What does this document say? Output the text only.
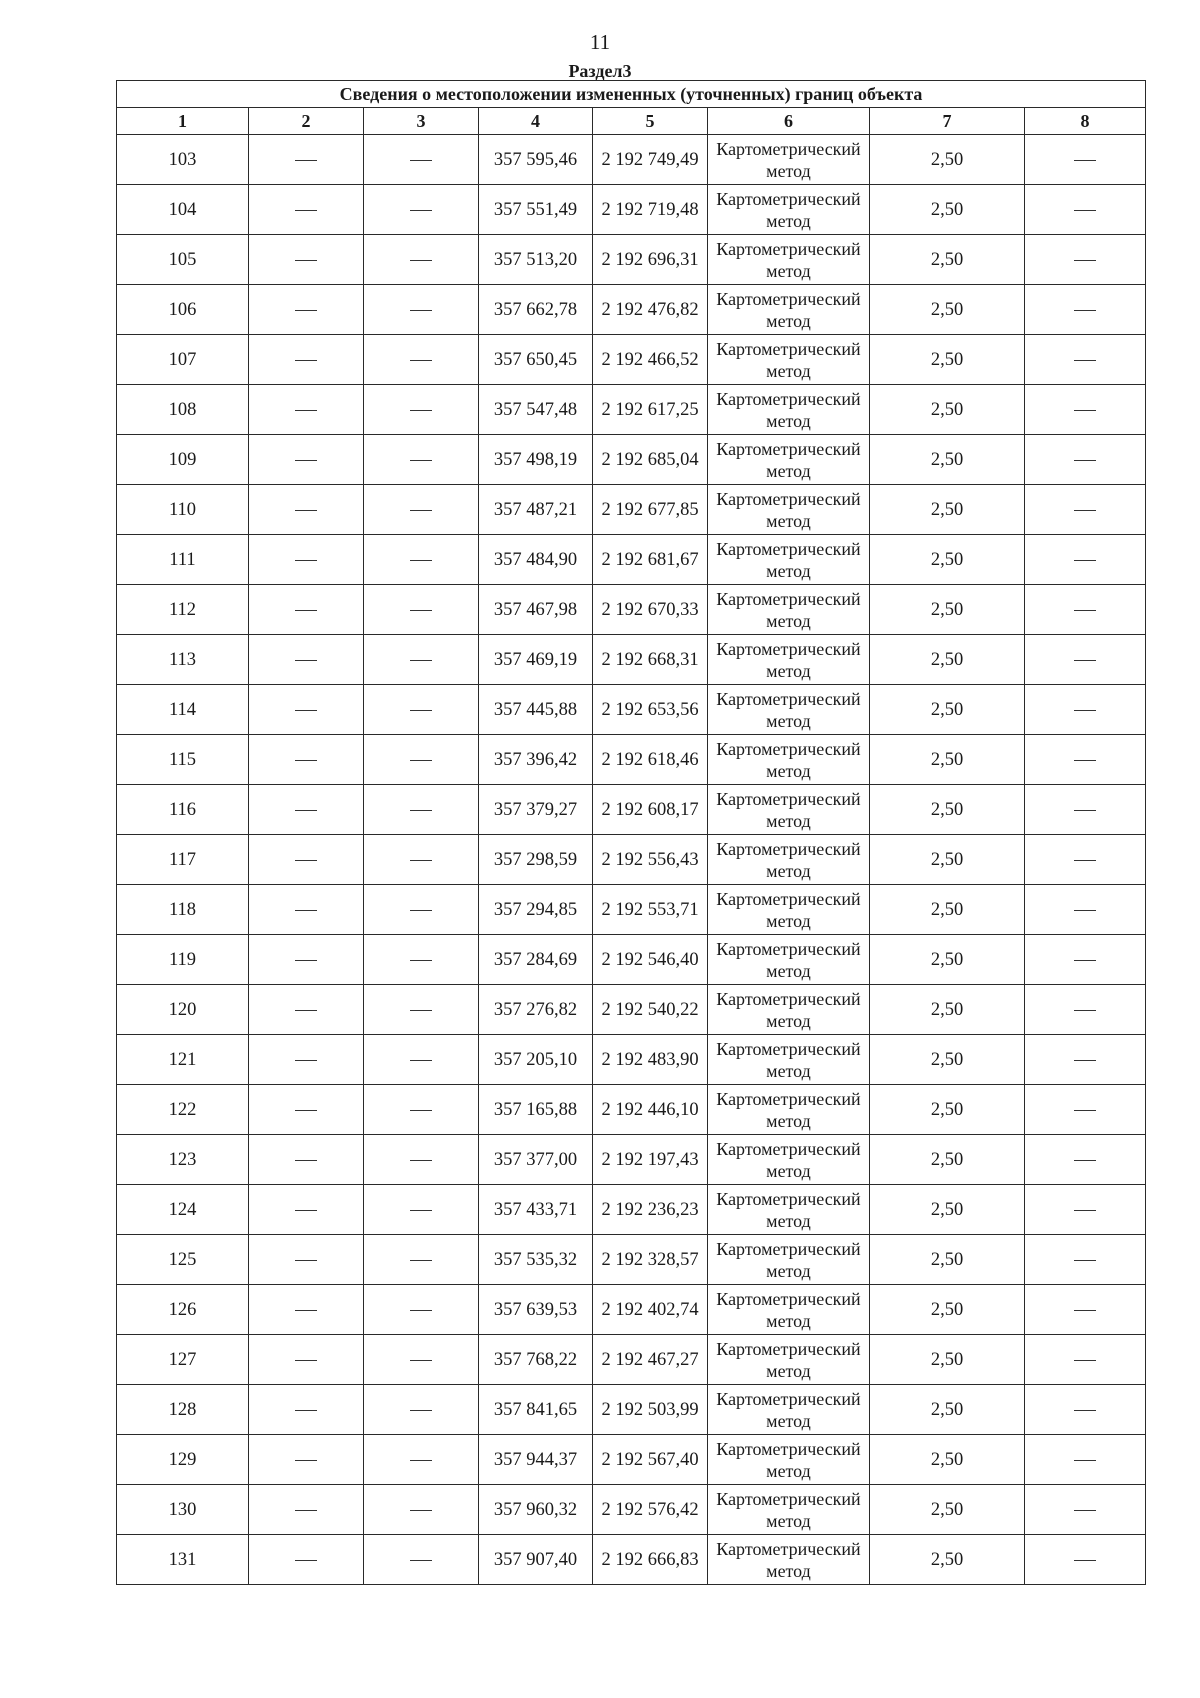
11
Раздел3
Сведения о местоположении измененных (уточненных) границ объекта							
1	2	3	4	5	6	7	8
103			357 595,46	2 192 749,49	Картометрический метод	2,50	
104			357 551,49	2 192 719,48	Картометрический метод	2,50	
105			357 513,20	2 192 696,31	Картометрический метод	2,50	
106			357 662,78	2 192 476,82	Картометрический метод	2,50	
107			357 650,45	2 192 466,52	Картометрический метод	2,50	
108			357 547,48	2 192 617,25	Картометрический метод	2,50	
109			357 498,19	2 192 685,04	Картометрический метод	2,50	
110			357 487,21	2 192 677,85	Картометрический метод	2,50	
111			357 484,90	2 192 681,67	Картометрический метод	2,50	
112			357 467,98	2 192 670,33	Картометрический метод	2,50	
113			357 469,19	2 192 668,31	Картометрический метод	2,50	
114			357 445,88	2 192 653,56	Картометрический метод	2,50	
115			357 396,42	2 192 618,46	Картометрический метод	2,50	
116			357 379,27	2 192 608,17	Картометрический метод	2,50	
117			357 298,59	2 192 556,43	Картометрический метод	2,50	
118			357 294,85	2 192 553,71	Картометрический метод	2,50	
119			357 284,69	2 192 546,40	Картометрический метод	2,50	
120			357 276,82	2 192 540,22	Картометрический метод	2,50	
121			357 205,10	2 192 483,90	Картометрический метод	2,50	
122			357 165,88	2 192 446,10	Картометрический метод	2,50	
123			357 377,00	2 192 197,43	Картометрический метод	2,50	
124			357 433,71	2 192 236,23	Картометрический метод	2,50	
125			357 535,32	2 192 328,57	Картометрический метод	2,50	
126			357 639,53	2 192 402,74	Картометрический метод	2,50	
127			357 768,22	2 192 467,27	Картометрический метод	2,50	
128			357 841,65	2 192 503,99	Картометрический метод	2,50	
129			357 944,37	2 192 567,40	Картометрический метод	2,50	
130			357 960,32	2 192 576,42	Картометрический метод	2,50	
131			357 907,40	2 192 666,83	Картометрический метод	2,50	
